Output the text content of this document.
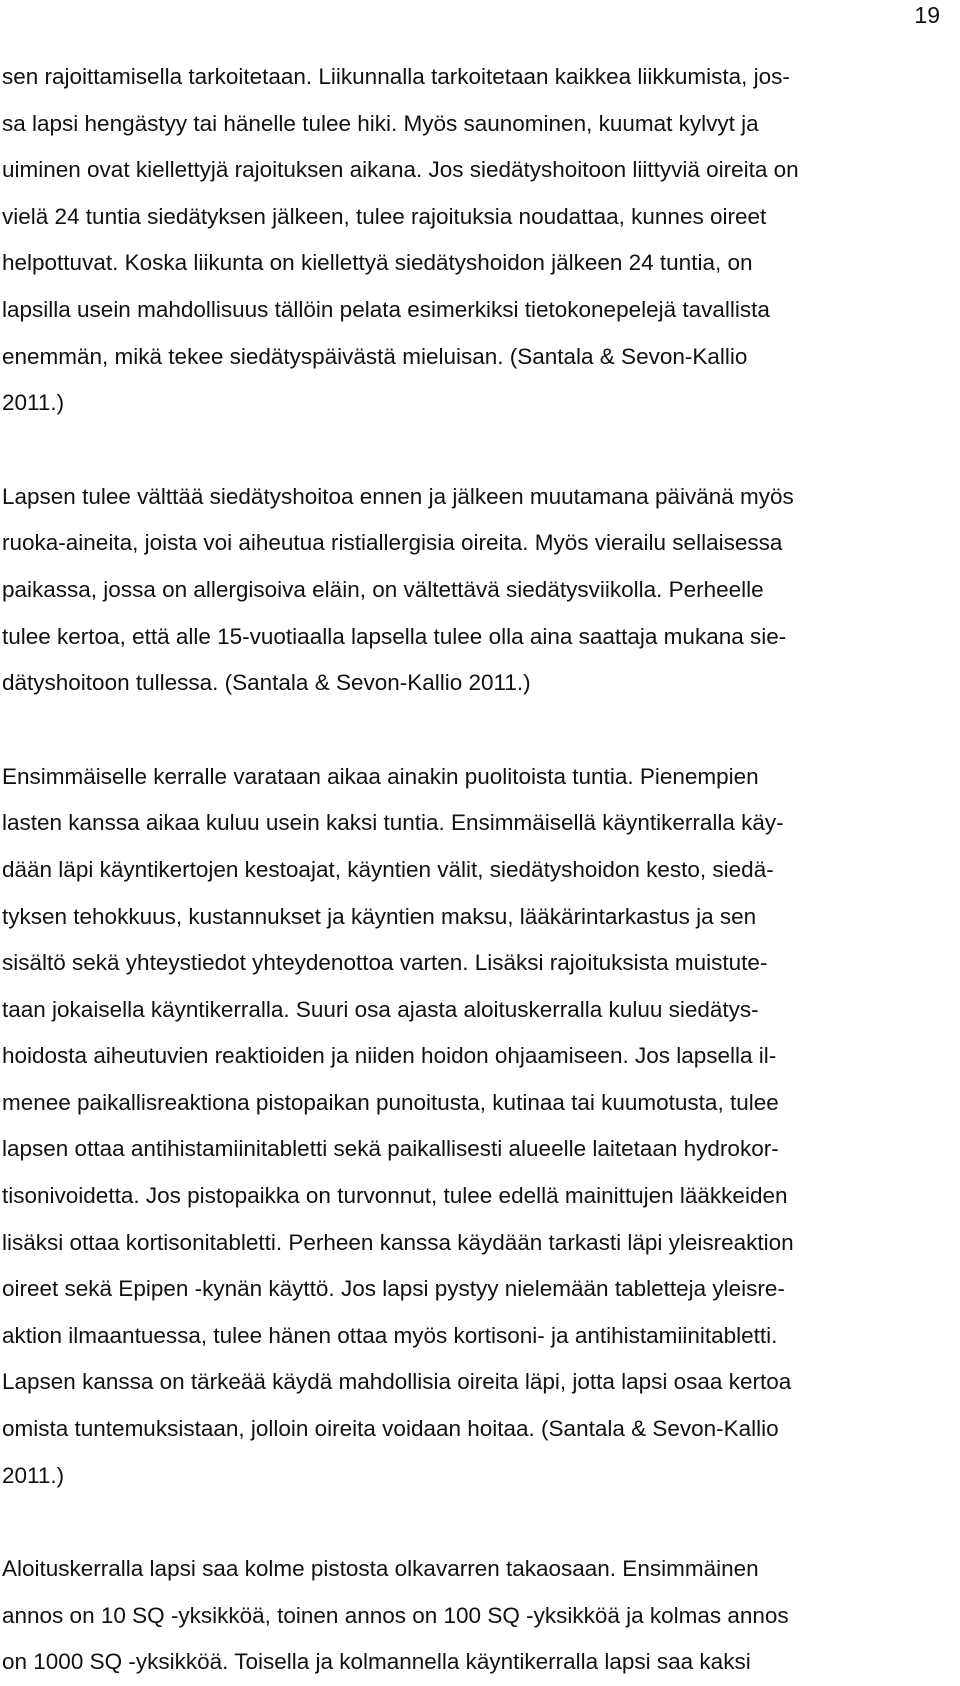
19

sen rajoittamisella tarkoitetaan. Liikunnalla tarkoitetaan kaikkea liikkumista, jos-
sa lapsi hengästyy tai hänelle tulee hiki. Myös saunominen, kuumat kylvyt ja
uiminen ovat kiellettyjä rajoituksen aikana. Jos siedätyshoitoon liittyviä oireita on
vielä 24 tuntia siedätyksen jälkeen, tulee rajoituksia noudattaa, kunnes oireet
helpottuvat. Koska liikunta on kiellettyä siedätyshoidon jälkeen 24 tuntia, on
lapsilla usein mahdollisuus tällöin pelata esimerkiksi tietokonepelejä tavallista
enemmän, mikä tekee siedätyspäivästä mieluisan. (Santala & Sevon-Kallio
2011.)

Lapsen tulee välttää siedätyshoitoa ennen ja jälkeen muutamana päivänä myös
ruoka-aineita, joista voi aiheutua ristiallergisia oireita. Myös vierailu sellaisessa
paikassa, jossa on allergisoiva eläin, on vältettävä siedätysviikolla. Perheelle
tulee kertoa, että alle 15-vuotiaalla lapsella tulee olla aina saattaja mukana sie-
dätyshoitoon tullessa. (Santala & Sevon-Kallio 2011.)

Ensimmäiselle kerralle varataan aikaa ainakin puolitoista tuntia. Pienempien
lasten kanssa aikaa kuluu usein kaksi tuntia. Ensimmäisellä käyntikerralla käy-
dään läpi käyntikertojen kestoajat, käyntien välit, siedätyshoidon kesto, siedä-
tyksen tehokkuus, kustannukset ja käyntien maksu, lääkärintarkastus ja sen
sisältö sekä yhteystiedot yhteydenottoa varten. Lisäksi rajoituksista muistute-
taan jokaisella käyntikerralla. Suuri osa ajasta aloituskerralla kuluu siedätys-
hoidosta aiheutuvien reaktioiden ja niiden hoidon ohjaamiseen. Jos lapsella il-
menee paikallisreaktiona pistopaikan punoitusta, kutinaa tai kuumotusta, tulee
lapsen ottaa antihistamiinitabletti sekä paikallisesti alueelle laitetaan hydrokor-
tisonivoidetta. Jos pistopaikka on turvonnut, tulee edellä mainittujen lääkkeiden
lisäksi ottaa kortisonitabletti. Perheen kanssa käydään tarkasti läpi yleisreaktion
oireet sekä Epipen -kynän käyttö. Jos lapsi pystyy nielemään tabletteja yleisre-
aktion ilmaantuessa, tulee hänen ottaa myös kortisoni- ja antihistamiinitabletti.
Lapsen kanssa on tärkeää käydä mahdollisia oireita läpi, jotta lapsi osaa kertoa
omista tuntemuksistaan, jolloin oireita voidaan hoitaa. (Santala & Sevon-Kallio
2011.)

Aloituskerralla lapsi saa kolme pistosta olkavarren takaosaan. Ensimmäinen
annos on 10 SQ -yksikköä, toinen annos on 100 SQ -yksikköä ja kolmas annos
on 1000 SQ -yksikköä. Toisella ja kolmannella käyntikerralla lapsi saa kaksi
